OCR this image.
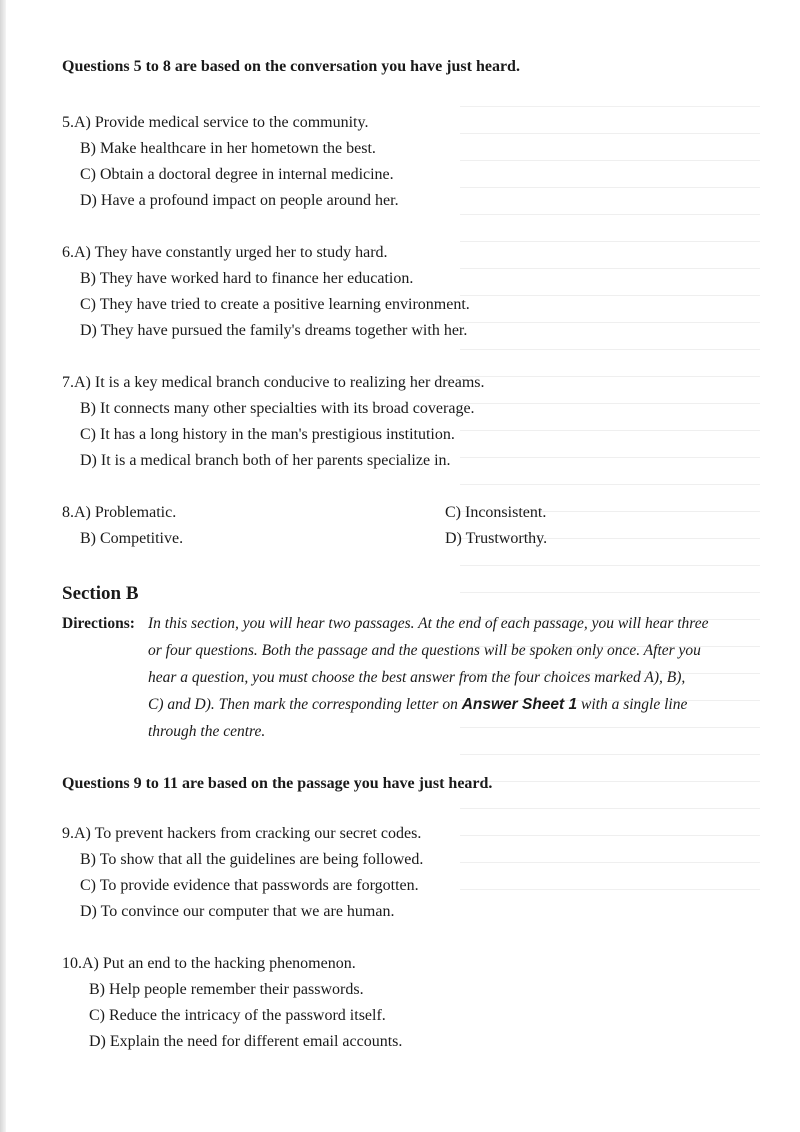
Questions 5 to 8 are based on the conversation you have just heard.

5.A) Provide medical service to the community.
B) Make healthcare in her hometown the best.
C) Obtain a doctoral degree in internal medicine.
D) Have a profound impact on people around her.
6.A) They have constantly urged her to study hard.
B) They have worked hard to finance her education.
C) They have tried to create a positive learning environment.
D) They have pursued the family's dreams together with her.
7.A) It is a key medical branch conducive to realizing her dreams.
B) It connects many other specialties with its broad coverage.
C) It has a long history in the man's prestigious institution.
D) It is a medical branch both of her parents specialize in.
8.A) Problematic.	C) Inconsistent.
B) Competitive.	D) Trustworthy.
Section B
Directions: In this section, you will hear two passages. At the end of each passage, you will hear three
or four questions. Both the passage and the questions will be spoken only once. After you
hear a question, you must choose the best answer from the four choices marked A), B),
C) and D). Then mark the corresponding letter on Answer Sheet 1 with a single line
through the centre.

Questions 9 to 11 are based on the passage you have just heard.

9.A) To prevent hackers from cracking our secret codes.
B) To show that all the guidelines are being followed.
C) To provide evidence that passwords are forgotten.
D) To convince our computer that we are human.
10.A) Put an end to the hacking phenomenon.
B) Help people remember their passwords.
C) Reduce the intricacy of the password itself.
D) Explain the need for different email accounts.
